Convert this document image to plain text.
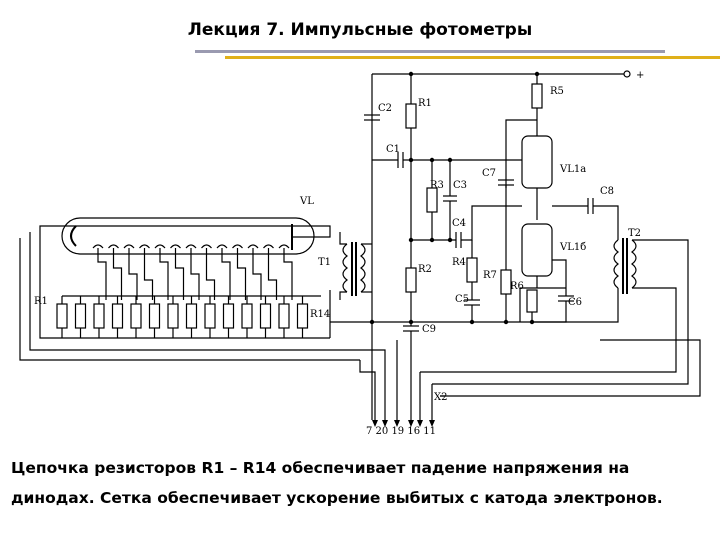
Лекция 7. Импульсные фотометры
VL
T1
T2
R1
R14
C2	R1
C1
R3 C3
C4
R2
C9
R5
C7	VL1a
VL1б
C8
R4
R7
R6
C5	C6
X2
+
7 20 19 16 11
Цепочка резисторов R1 – R14 обеспечивает падение напряжения на
динодах. Сетка обеспечивает ускорение выбитых с катода электронов.
